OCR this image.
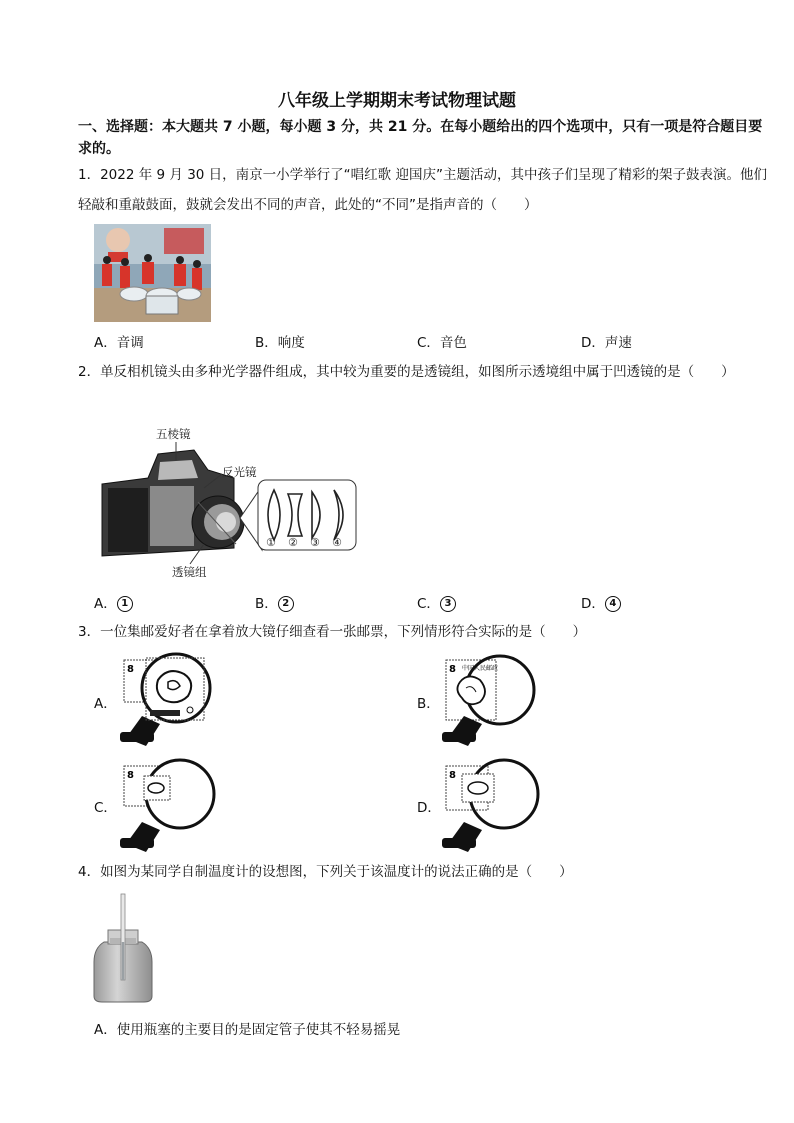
八年级上学期期末考试物理试题
一、选择题：本大题共 7 小题，每小题 3 分，共 21 分。在每小题给出的四个选项中，只有一项是符合题目要求的。
1．2022 年 9 月 30 日，南京一小学举行了“唱红歌 迎国庆”主题活动，其中孩子们呈现了精彩的架子鼓表演。他们轻敲和重敲鼓面，鼓就会发出不同的声音，此处的“不同”是指声音的（　　）
A．音调	B．响度	C．音色	D．声速
2．单反相机镜头由多种光学器件组成，其中较为重要的是透镜组，如图所示透境组中属于凹透镜的是（　　）
五棱镜
反光镜
透镜组
① ② ③ ④
A． 1	B． 2	C． 3	D． 4
3．一位集邮爱好者在拿着放大镜仔细查看一张邮票，下列情形符合实际的是（　　）
A．
8
B．
8 中国人民邮政
C．
8
D．
8
4．如图为某同学自制温度计的设想图，下列关于该温度计的说法正确的是（　　）
A．使用瓶塞的主要目的是固定管子使其不轻易摇晃
